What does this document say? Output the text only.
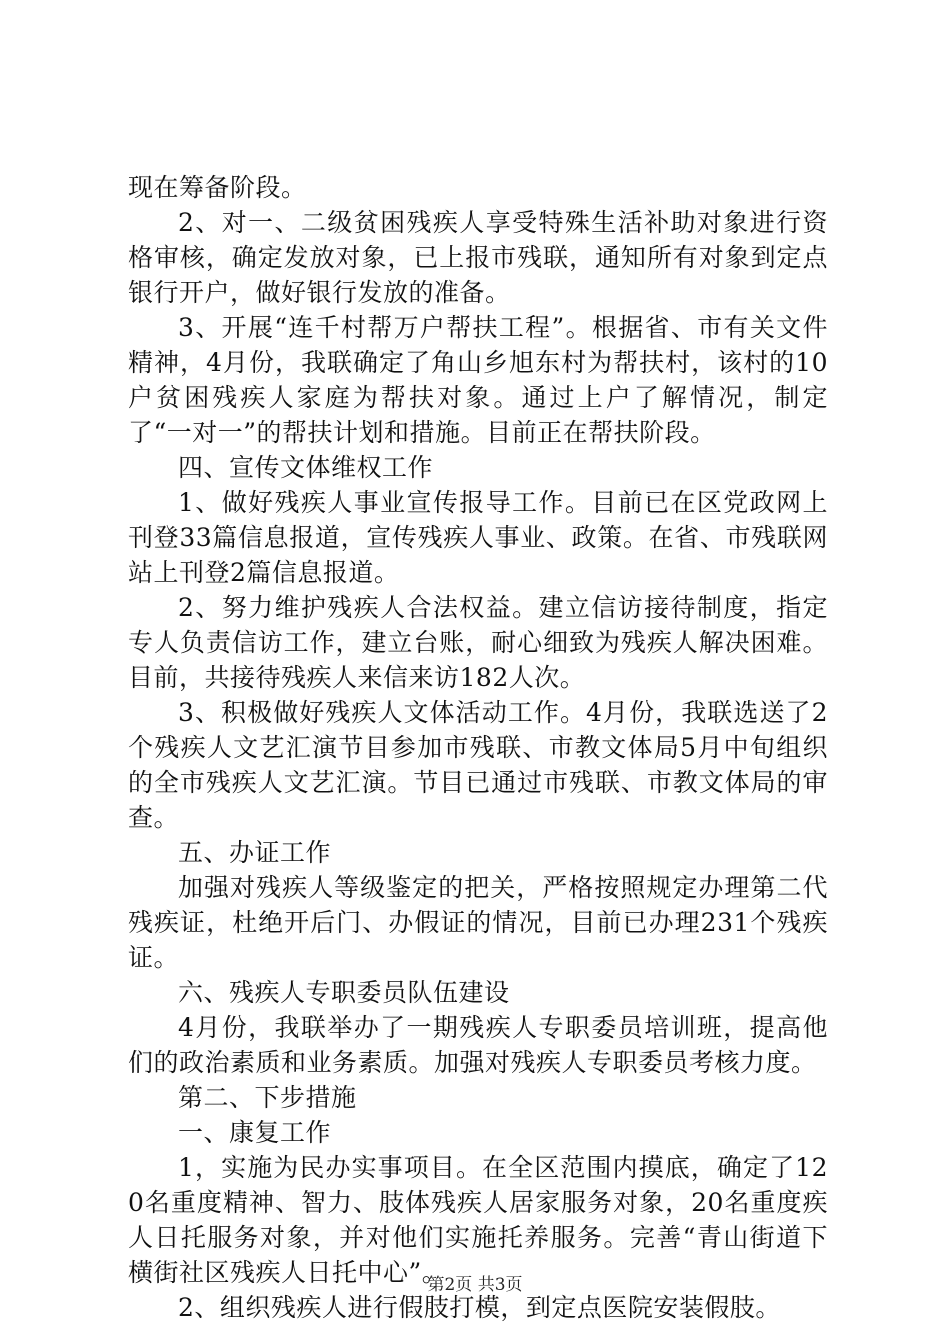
现在筹备阶段。

2、对一、二级贫困残疾人享受特殊生活补助对象进行资格审核，确定发放对象，已上报市残联，通知所有对象到定点银行开户，做好银行发放的准备。

3、开展“连千村帮万户帮扶工程”。根据省、市有关文件精神，4月份，我联确定了角山乡旭东村为帮扶村，该村的10户贫困残疾人家庭为帮扶对象。通过上户了解情况，制定了“一对一”的帮扶计划和措施。目前正在帮扶阶段。

四、宣传文体维权工作

1、做好残疾人事业宣传报导工作。目前已在区党政网上刊登33篇信息报道，宣传残疾人事业、政策。在省、市残联网站上刊登2篇信息报道。

2、努力维护残疾人合法权益。建立信访接待制度，指定专人负责信访工作，建立台账，耐心细致为残疾人解决困难。目前，共接待残疾人来信来访182人次。

3、积极做好残疾人文体活动工作。4月份，我联选送了2个残疾人文艺汇演节目参加市残联、市教文体局5月中旬组织的全市残疾人文艺汇演。节目已通过市残联、市教文体局的审查。

五、办证工作

加强对残疾人等级鉴定的把关，严格按照规定办理第二代残疾证，杜绝开后门、办假证的情况，目前已办理231个残疾证。

六、残疾人专职委员队伍建设

4月份，我联举办了一期残疾人专职委员培训班，提高他们的政治素质和业务素质。加强对残疾人专职委员考核力度。

第二、下步措施

一、康复工作

1，实施为民办实事项目。在全区范围内摸底，确定了120名重度精神、智力、肢体残疾人居家服务对象，20名重度疾人日托服务对象，并对他们实施托养服务。完善“青山街道下横街社区残疾人日托中心”。

2、组织残疾人进行假肢打模，到定点医院安装假肢。

第2页 共3页
